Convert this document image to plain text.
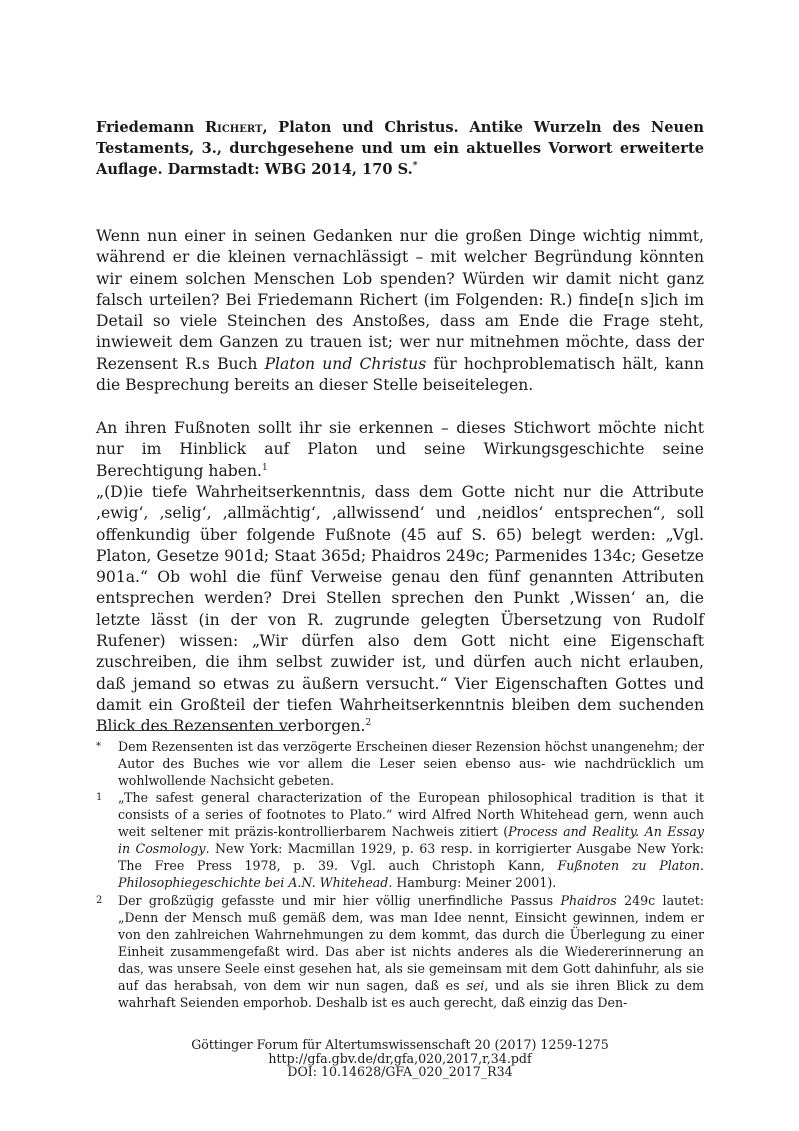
Friedemann Richert, Platon und Christus. Antike Wurzeln des Neuen Testaments, 3., durchgesehene und um ein aktuelles Vorwort erweiterte Auflage. Darmstadt: WBG 2014, 170 S.*

Wenn nun einer in seinen Gedanken nur die großen Dinge wichtig nimmt, während er die kleinen vernachlässigt – mit welcher Begründung könnten wir einem solchen Menschen Lob spenden? Würden wir damit nicht ganz falsch urteilen? Bei Friedemann Richert (im Folgenden: R.) finde[n s]ich im Detail so viele Steinchen des Anstoßes, dass am Ende die Frage steht, inwieweit dem Ganzen zu trauen ist; wer nur mitnehmen möchte, dass der Rezensent R.s Buch Platon und Christus für hochproblematisch hält, kann die Besprechung bereits an dieser Stelle beiseitelegen.

An ihren Fußnoten sollt ihr sie erkennen – dieses Stichwort möchte nicht nur im Hinblick auf Platon und seine Wirkungsgeschichte seine Berechtigung haben.$^1$

„(D)ie tiefe Wahrheitserkenntnis, dass dem Gotte nicht nur die Attribute ‚ewig‘, ‚selig‘, ‚allmächtig‘, ‚allwissend‘ und ‚neidlos‘ entsprechen“, soll offenkundig über folgende Fußnote (45 auf S. 65) belegt werden: „Vgl. Platon, Gesetze 901d; Staat 365d; Phaidros 249c; Parmenides 134c; Gesetze 901a.“ Ob wohl die fünf Verweise genau den fünf genannten Attributen entsprechen werden? Drei Stellen sprechen den Punkt ‚Wissen‘ an, die letzte lässt (in der von R. zugrunde gelegten Übersetzung von Rudolf Rufener) wissen: „Wir dürfen also dem Gott nicht eine Eigenschaft zuschreiben, die ihm selbst zuwider ist, und dürfen auch nicht erlauben, daß jemand so etwas zu äußern versucht.“ Vier Eigenschaften Gottes und damit ein Großteil der tiefen Wahrheitserkenntnis bleiben dem suchenden Blick des Rezensenten verborgen.$^2$

* Dem Rezensenten ist das verzögerte Erscheinen dieser Rezension höchst unangenehm; der Autor des Buches wie vor allem die Leser seien ebenso aus- wie nachdrücklich um wohlwollende Nachsicht gebeten.
1 „The safest general characterization of the European philosophical tradition is that it consists of a series of footnotes to Plato.“ wird Alfred North Whitehead gern, wenn auch weit seltener mit präzis-kontrollierbarem Nachweis zitiert (Process and Reality. An Essay in Cosmology. New York: Macmillan 1929, p. 63 resp. in korrigierter Ausgabe New York: The Free Press 1978, p. 39. Vgl. auch Christoph Kann, Fußnoten zu Platon. Philosophiegeschichte bei A.N. Whitehead. Hamburg: Meiner 2001).
2 Der großzügig gefasste und mir hier völlig unerfindliche Passus Phaidros 249c lautet: „Denn der Mensch muß gemäß dem, was man Idee nennt, Einsicht gewinnen, indem er von den zahlreichen Wahrnehmungen zu dem kommt, das durch die Überlegung zu einer Einheit zusammengefaßt wird. Das aber ist nichts anderes als die Wiedererinnerung an das, was unsere Seele einst gesehen hat, als sie gemeinsam mit dem Gott dahinfuhr, als sie auf das herabsah, von dem wir nun sagen, daß es sei, und als sie ihren Blick zu dem wahrhaft Seienden emporhob. Deshalb ist es auch gerecht, daß einzig das Den-
Göttinger Forum für Altertumswissenschaft 20 (2017) 1259-1275
http://gfa.gbv.de/dr,gfa,020,2017,r,34.pdf
DOI: 10.14628/GFA_020_2017_R34
